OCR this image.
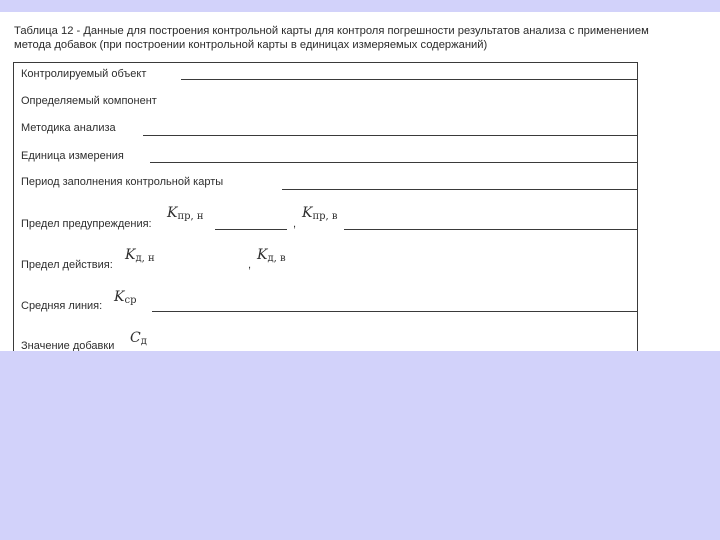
Таблица 12 - Данные для построения контрольной карты для контроля погрешности результатов анализа с применением
метода добавок (при построении контрольной карты в единицах измеряемых содержаний)
Контролируемый объект
Определяемый компонент
Методика анализа
Единица измерения
Период заполнения контрольной карты
Предел предупреждения:
Kпр, н
,
Kпр, в
Предел действия:
Kд, н
,
Kд, в
Средняя линия:
Kср
Значение добавки Cд
